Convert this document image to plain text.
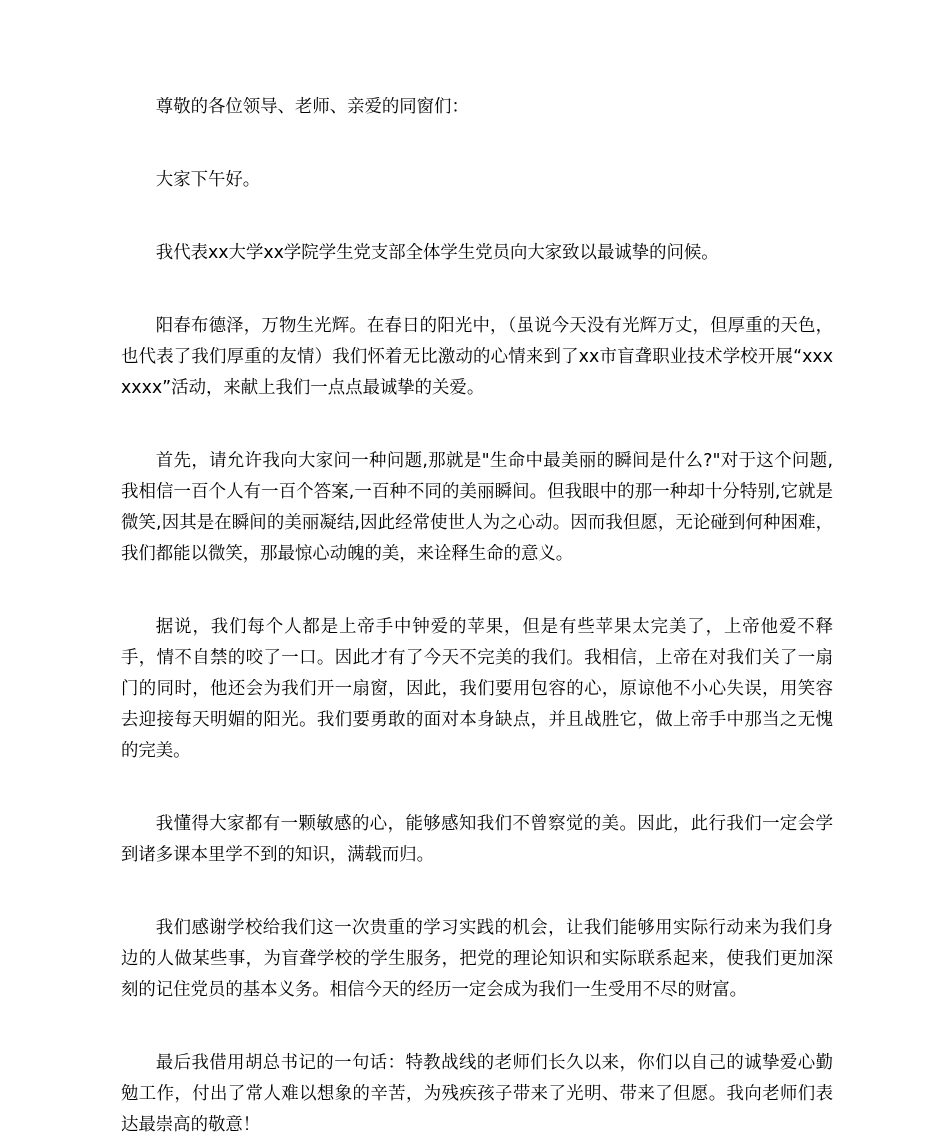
尊敬的各位领导、老师、亲爱的同窗们：

大家下午好。

我代表xx大学xx学院学生党支部全体学生党员向大家致以最诚挚的问候。

阳春布德泽，万物生光辉。在春日的阳光中，（虽说今天没有光辉万丈，但厚重的天色，也代表了我们厚重的友情）我们怀着无比激动的心情来到了xx市盲聋职业技术学校开展“xxxxxxx”活动，来献上我们一点点最诚挚的关爱。

首先，请允许我向大家问一种问题,那就是"生命中最美丽的瞬间是什么?"对于这个问题,我相信一百个人有一百个答案,一百种不同的美丽瞬间。但我眼中的那一种却十分特别,它就是微笑,因其是在瞬间的美丽凝结,因此经常使世人为之心动。因而我但愿，无论碰到何种困难，我们都能以微笑，那最惊心动魄的美，来诠释生命的意义。

据说，我们每个人都是上帝手中钟爱的苹果，但是有些苹果太完美了，上帝他爱不释手，情不自禁的咬了一口。因此才有了今天不完美的我们。我相信，上帝在对我们关了一扇门的同时，他还会为我们开一扇窗，因此，我们要用包容的心，原谅他不小心失误，用笑容去迎接每天明媚的阳光。我们要勇敢的面对本身缺点，并且战胜它，做上帝手中那当之无愧的完美。

我懂得大家都有一颗敏感的心，能够感知我们不曾察觉的美。因此，此行我们一定会学到诸多课本里学不到的知识，满载而归。

我们感谢学校给我们这一次贵重的学习实践的机会，让我们能够用实际行动来为我们身边的人做某些事，为盲聋学校的学生服务，把党的理论知识和实际联系起来，使我们更加深刻的记住党员的基本义务。相信今天的经历一定会成为我们一生受用不尽的财富。

最后我借用胡总书记的一句话：特教战线的老师们长久以来，你们以自己的诚挚爱心勤勉工作，付出了常人难以想象的辛苦，为残疾孩子带来了光明、带来了但愿。我向老师们表达最崇高的敬意！
